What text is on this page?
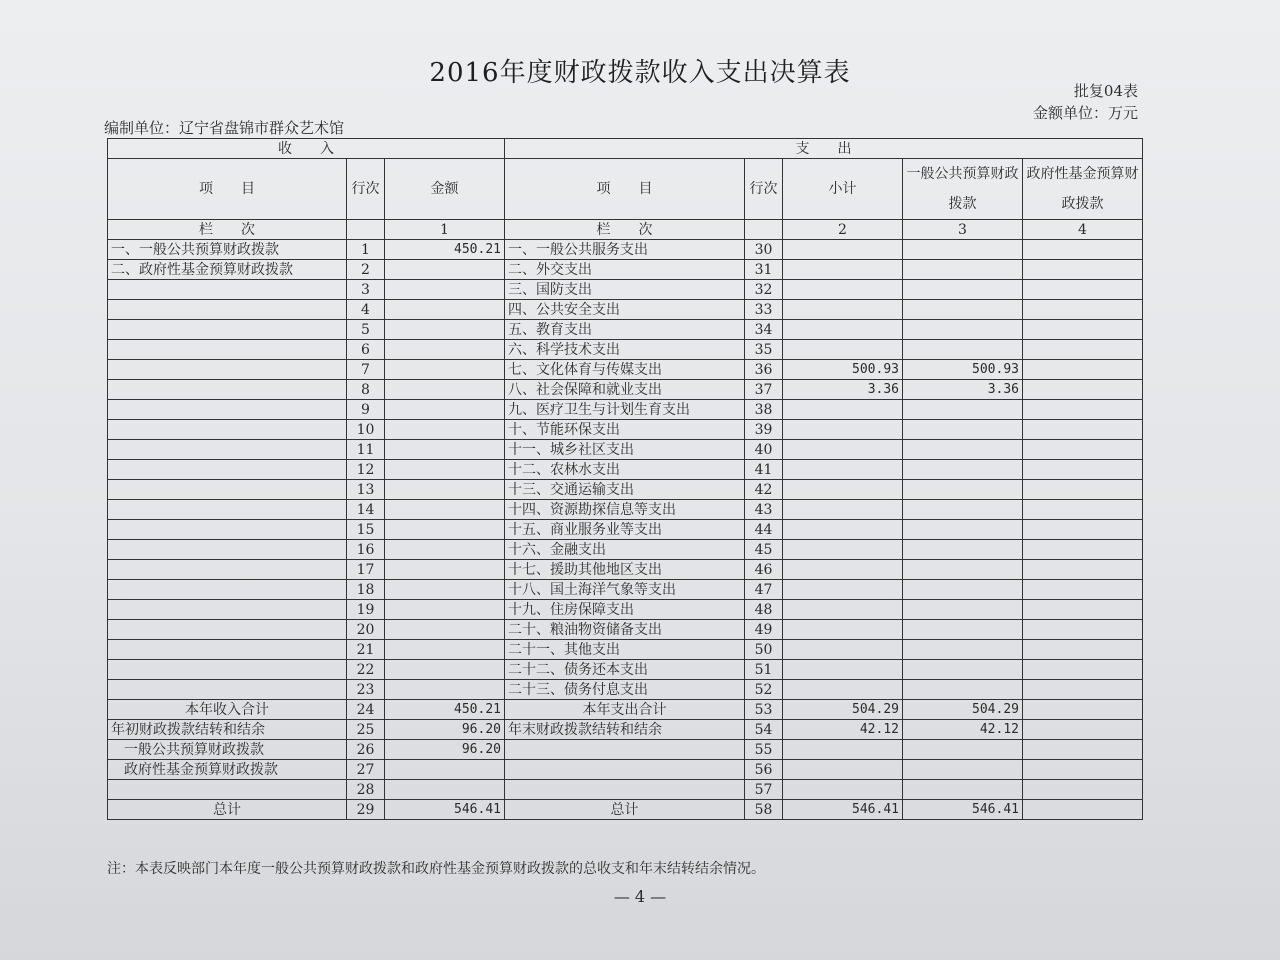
2016年度财政拨款收入支出决算表
批复04表
金额单位：万元
编制单位：辽宁省盘锦市群众艺术馆
收　　入			支　　出				
项　　目	行次	金额	项　　目	行次	小计	一般公共预算财政拨款	政府性基金预算财政拨款
栏　　次		1	栏　　次		2	3	4
一、一般公共预算财政拨款	1	450.21	一、一般公共服务支出	30			
二、政府性基金预算财政拨款	2		二、外交支出	31			
	3		三、国防支出	32			
	4		四、公共安全支出	33			
	5		五、教育支出	34			
	6		六、科学技术支出	35			
	7		七、文化体育与传媒支出	36	500.93	500.93	
	8		八、社会保障和就业支出	37	3.36	3.36	
	9		九、医疗卫生与计划生育支出	38			
	10		十、节能环保支出	39			
	11		十一、城乡社区支出	40			
	12		十二、农林水支出	41			
	13		十三、交通运输支出	42			
	14		十四、资源勘探信息等支出	43			
	15		十五、商业服务业等支出	44			
	16		十六、金融支出	45			
	17		十七、援助其他地区支出	46			
	18		十八、国土海洋气象等支出	47			
	19		十九、住房保障支出	48			
	20		二十、粮油物资储备支出	49			
	21		二十一、其他支出	50			
	22		二十二、债务还本支出	51			
	23		二十三、债务付息支出	52			
本年收入合计	24	450.21	本年支出合计	53	504.29	504.29	
年初财政拨款结转和结余	25	96.20	年末财政拨款结转和结余	54	42.12	42.12	
一般公共预算财政拨款	26	96.20		55			
政府性基金预算财政拨款	27			56			
	28			57			
总计	29	546.41	总计	58	546.41	546.41	
注：本表反映部门本年度一般公共预算财政拨款和政府性基金预算财政拨款的总收支和年末结转结余情况。
— 4 —
